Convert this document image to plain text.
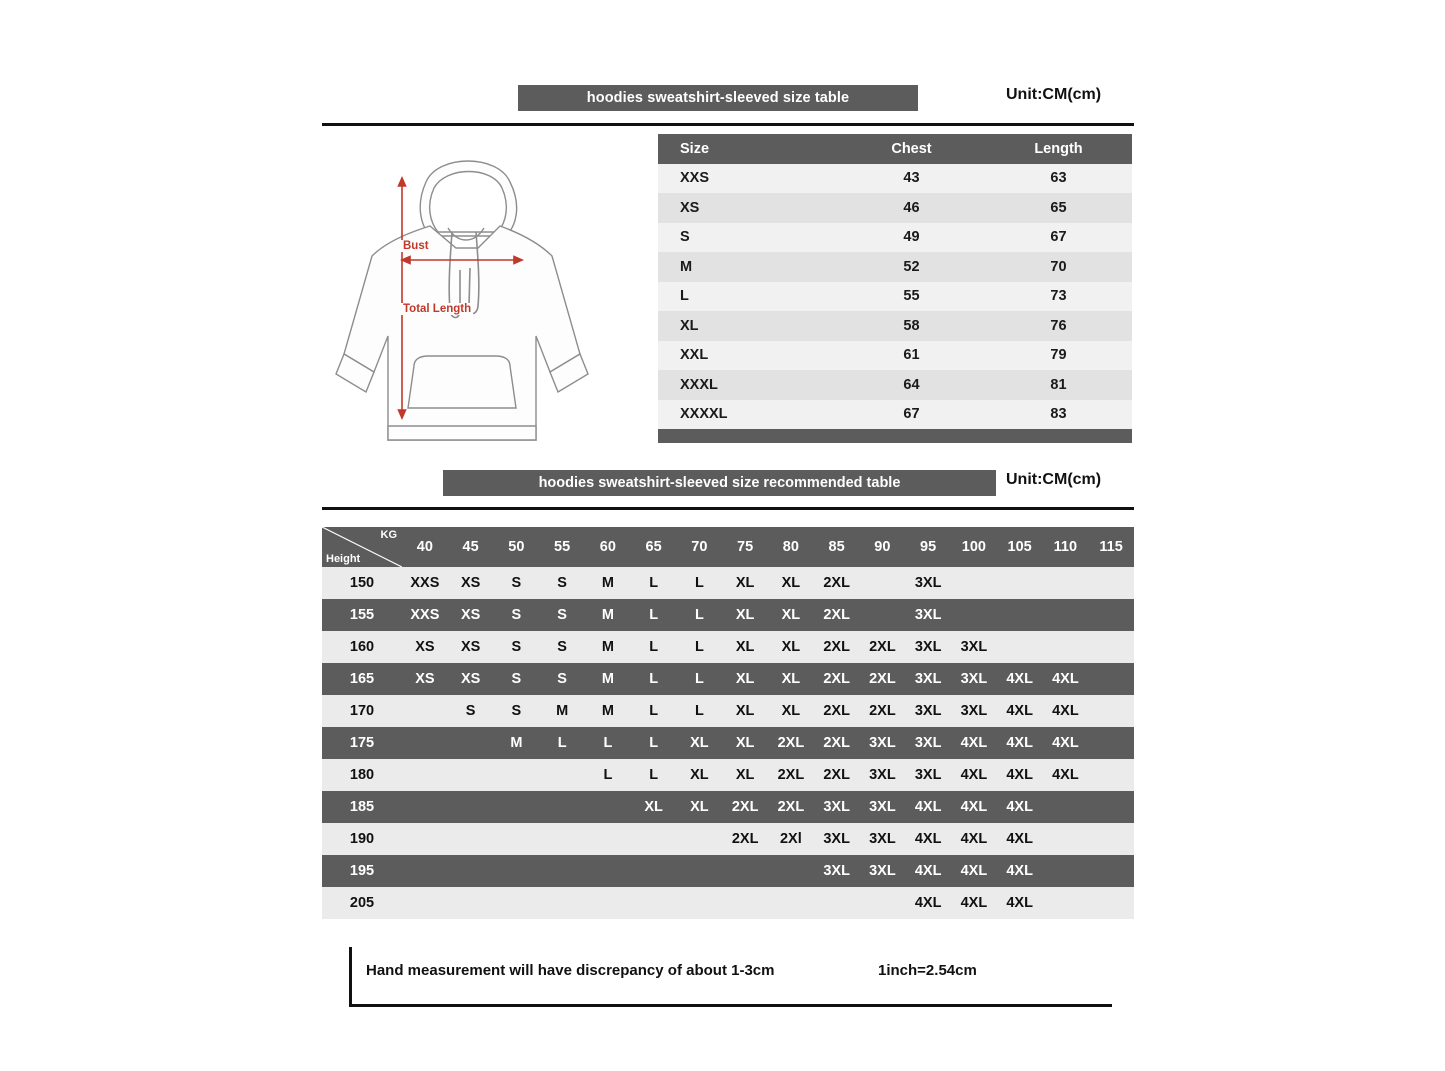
hoodies sweatshirt-sleeved size table	Unit:CM(cm)
Bust
Total Length
Size	Chest	Length
XXS	43	63
XS	46	65
S	49	67
M	52	70
L	55	73
XL	58	76
XXL	61	79
XXXL	64	81
XXXXL	67	83

hoodies sweatshirt-sleeved size recommended table	Unit:CM(cm)
KG
Height	40	45	50	55	60	65	70	75	80	85	90	95	100	105	110	115
150	XXS	XS	S	S	M	L	L	XL	XL	2XL		3XL				
155	XXS	XS	S	S	M	L	L	XL	XL	2XL		3XL				
160	XS	XS	S	S	M	L	L	XL	XL	2XL	2XL	3XL	3XL			
165	XS	XS	S	S	M	L	L	XL	XL	2XL	2XL	3XL	3XL	4XL	4XL	
170		S	S	M	M	L	L	XL	XL	2XL	2XL	3XL	3XL	4XL	4XL	
175			M	L	L	L	XL	XL	2XL	2XL	3XL	3XL	4XL	4XL	4XL	
180					L	L	XL	XL	2XL	2XL	3XL	3XL	4XL	4XL	4XL	
185						XL	XL	2XL	2XL	3XL	3XL	4XL	4XL	4XL		
190								2XL	2Xl	3XL	3XL	4XL	4XL	4XL		
195										3XL	3XL	4XL	4XL	4XL		
205												4XL	4XL	4XL		
Hand measurement will have discrepancy of about 1-3cm	1inch=2.54cm
